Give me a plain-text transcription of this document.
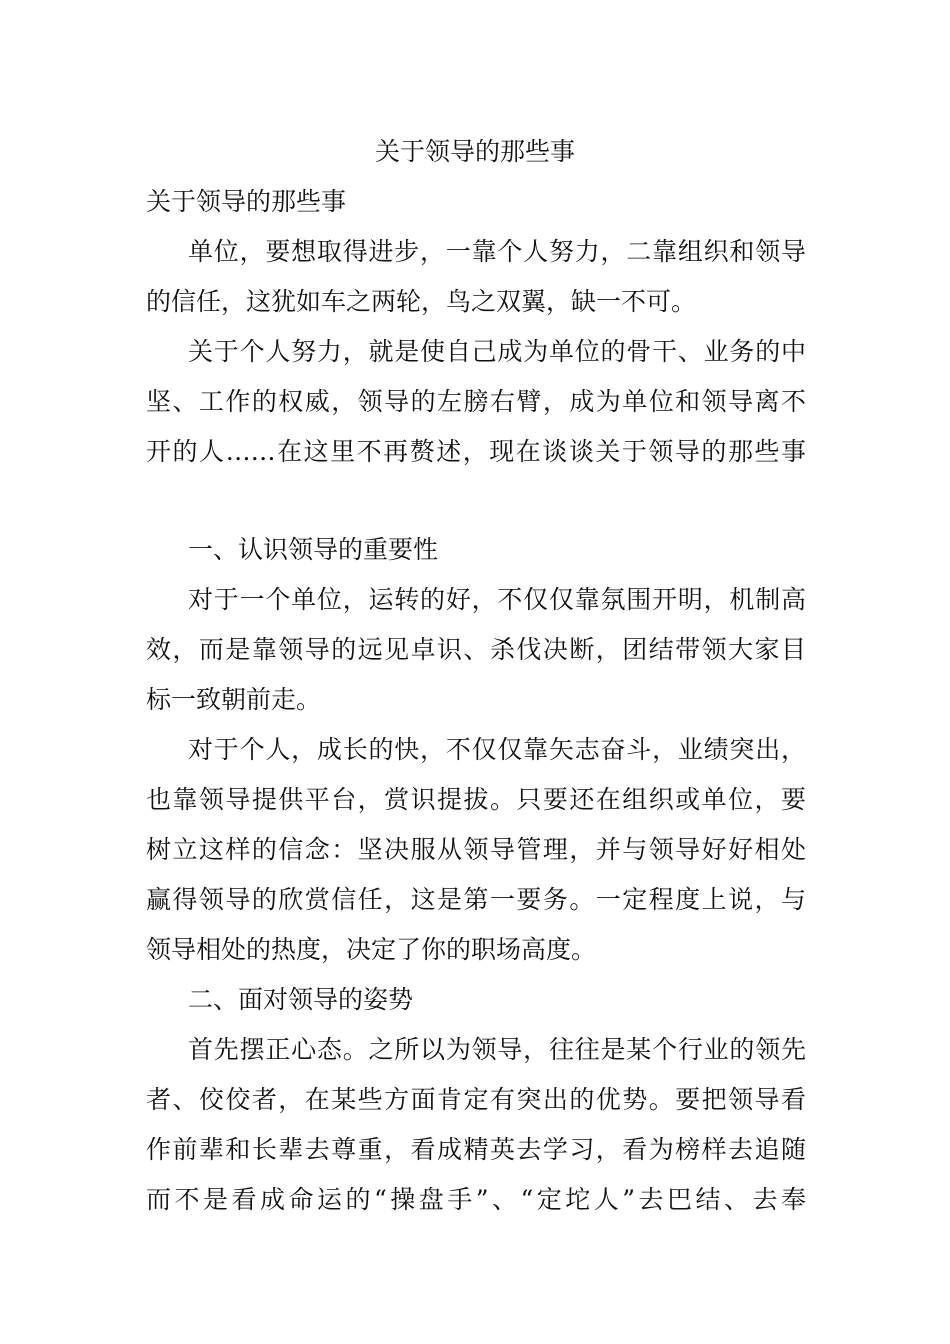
关于领导的那些事
关于领导的那些事
单位，要想取得进步，一靠个人努力，二靠组织和领导
的信任，这犹如车之两轮，鸟之双翼，缺一不可。
关于个人努力，就是使自己成为单位的骨干、业务的中
坚、工作的权威，领导的左膀右臂，成为单位和领导离不
开的人……在这里不再赘述，现在谈谈关于领导的那些事
一、认识领导的重要性
对于一个单位，运转的好，不仅仅靠氛围开明，机制高
效，而是靠领导的远见卓识、杀伐决断，团结带领大家目
标一致朝前走。
对于个人，成长的快，不仅仅靠矢志奋斗，业绩突出，
也靠领导提供平台，赏识提拔。只要还在组织或单位，要
树立这样的信念：坚决服从领导管理，并与领导好好相处
赢得领导的欣赏信任，这是第一要务。一定程度上说，与
领导相处的热度，决定了你的职场高度。
二、面对领导的姿势
首先摆正心态。之所以为领导，往往是某个行业的领先
者、佼佼者，在某些方面肯定有突出的优势。要把领导看
作前辈和长辈去尊重，看成精英去学习，看为榜样去追随
而不是看成命运的“操盘手”、“定坨人”去巴结、去奉
